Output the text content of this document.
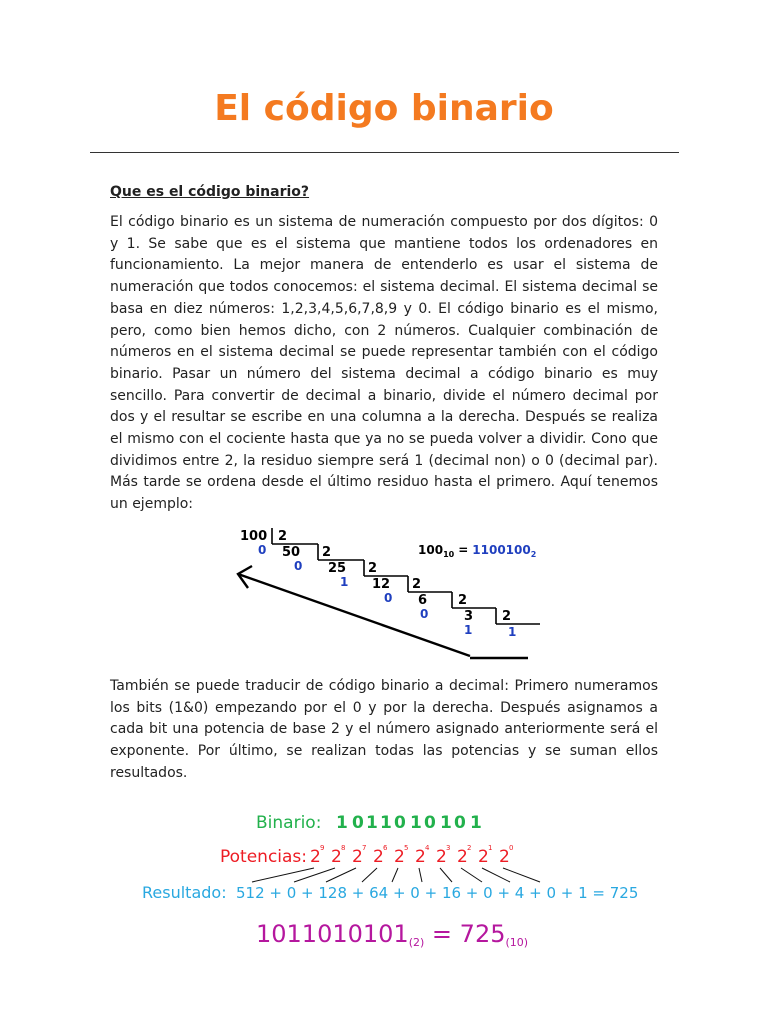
El código binario

Que es el código binario?

El código binario es un sistema de numeración compuesto por dos dígitos: 0 y 1. Se sabe que es el sistema que mantiene todos los ordenadores en funcionamiento. La mejor manera de entenderlo es usar el sistema de numeración que todos conocemos: el sistema decimal. El sistema decimal se basa en diez números: 1,2,3,4,5,6,7,8,9 y 0. El código binario es el mismo, pero, como bien hemos dicho, con 2 números. Cualquier combinación de números en el sistema decimal se puede representar también con el código binario. Pasar un número del sistema decimal a código binario es muy sencillo. Para convertir de decimal a binario, divide el número decimal por dos y el resultar se escribe en una columna a la derecha. Después se realiza el mismo con el cociente hasta que ya no se pueda volver a dividir. Cono que dividimos entre 2, la residuo siempre será 1 (decimal non) o 0 (decimal par). Más tarde se ordena desde el último residuo hasta el primero. Aquí tenemos un ejemplo:

100
50
25
12
6
3
2
2
2
2
2
2
0
0
1
0
0
1	1
$100_{10} = 1100100_2$

También se puede traducir de código binario a decimal: Primero numeramos los bits (1&0) empezando por el 0 y por la derecha. Después asignamos a cada bit una potencia de base 2 y el número asignado anteriormente será el exponente. Por último, se realizan todas las potencias y se suman ellos resultados.

Binario: 1 0 1 1 0 1 0 1 0 1
Potencias: 2 2 2 2 2 2 2 2 2 2
9 8 7 6 5 4 3 2 1 0
Resultado: 512 + 0 + 128 + 64 + 0 + 16 + 0 + 4 + 0 + 1 = 725
1011010101(2) = 725(10)
